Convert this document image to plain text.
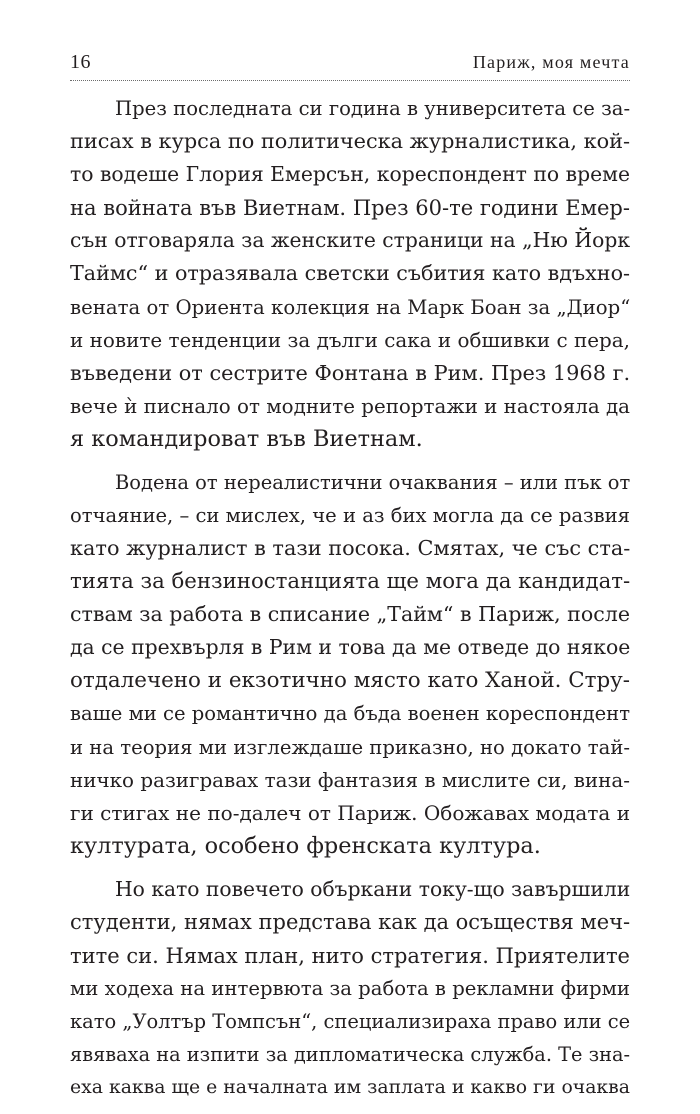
16	Париж, моя мечта
През последната си година в университета се за-
писах в курса по политическа журналистика, кой-
то водеше Глория Емерсън, кореспондент по време
на войната във Виетнам. През 60-те години Емер-
сън отговаряла за женските страници на „Ню Йорк
Таймс“ и отразявала светски събития като вдъхно-
вената от Ориента колекция на Марк Боан за „Диор“
и новите тенденции за дълги сака и обшивки с пера,
въведени от сестрите Фонтана в Рим. През 1968 г.
вече ѝ писнало от модните репортажи и настояла да
я командироват във Виетнам.
Водена от нереалистични очаквания – или пък от
отчаяние, – си мислех, че и аз бих могла да се развия
като журналист в тази посока. Смятах, че със ста-
тията за бензиностанцията ще мога да кандидат-
ствам за работа в списание „Тайм“ в Париж, после
да се прехвърля в Рим и това да ме отведе до някое
отдалечено и екзотично място като Ханой. Стру-
ваше ми се романтично да бъда военен кореспондент
и на теория ми изглеждаше приказно, но докато тай-
ничко разигравах тази фантазия в мислите си, вина-
ги стигах не по-далеч от Париж. Обожавах модата и
културата, особено френската култура.
Но като повечето объркани току-що завършили
студенти, нямах представа как да осъществя меч-
тите си. Нямах план, нито стратегия. Приятелите
ми ходеха на интервюта за работа в рекламни фирми
като „Уолтър Томпсън“, специализираха право или се
явяваха на изпити за дипломатическа служба. Те зна-
еха каква ще е началната им заплата и какво ги очаква
